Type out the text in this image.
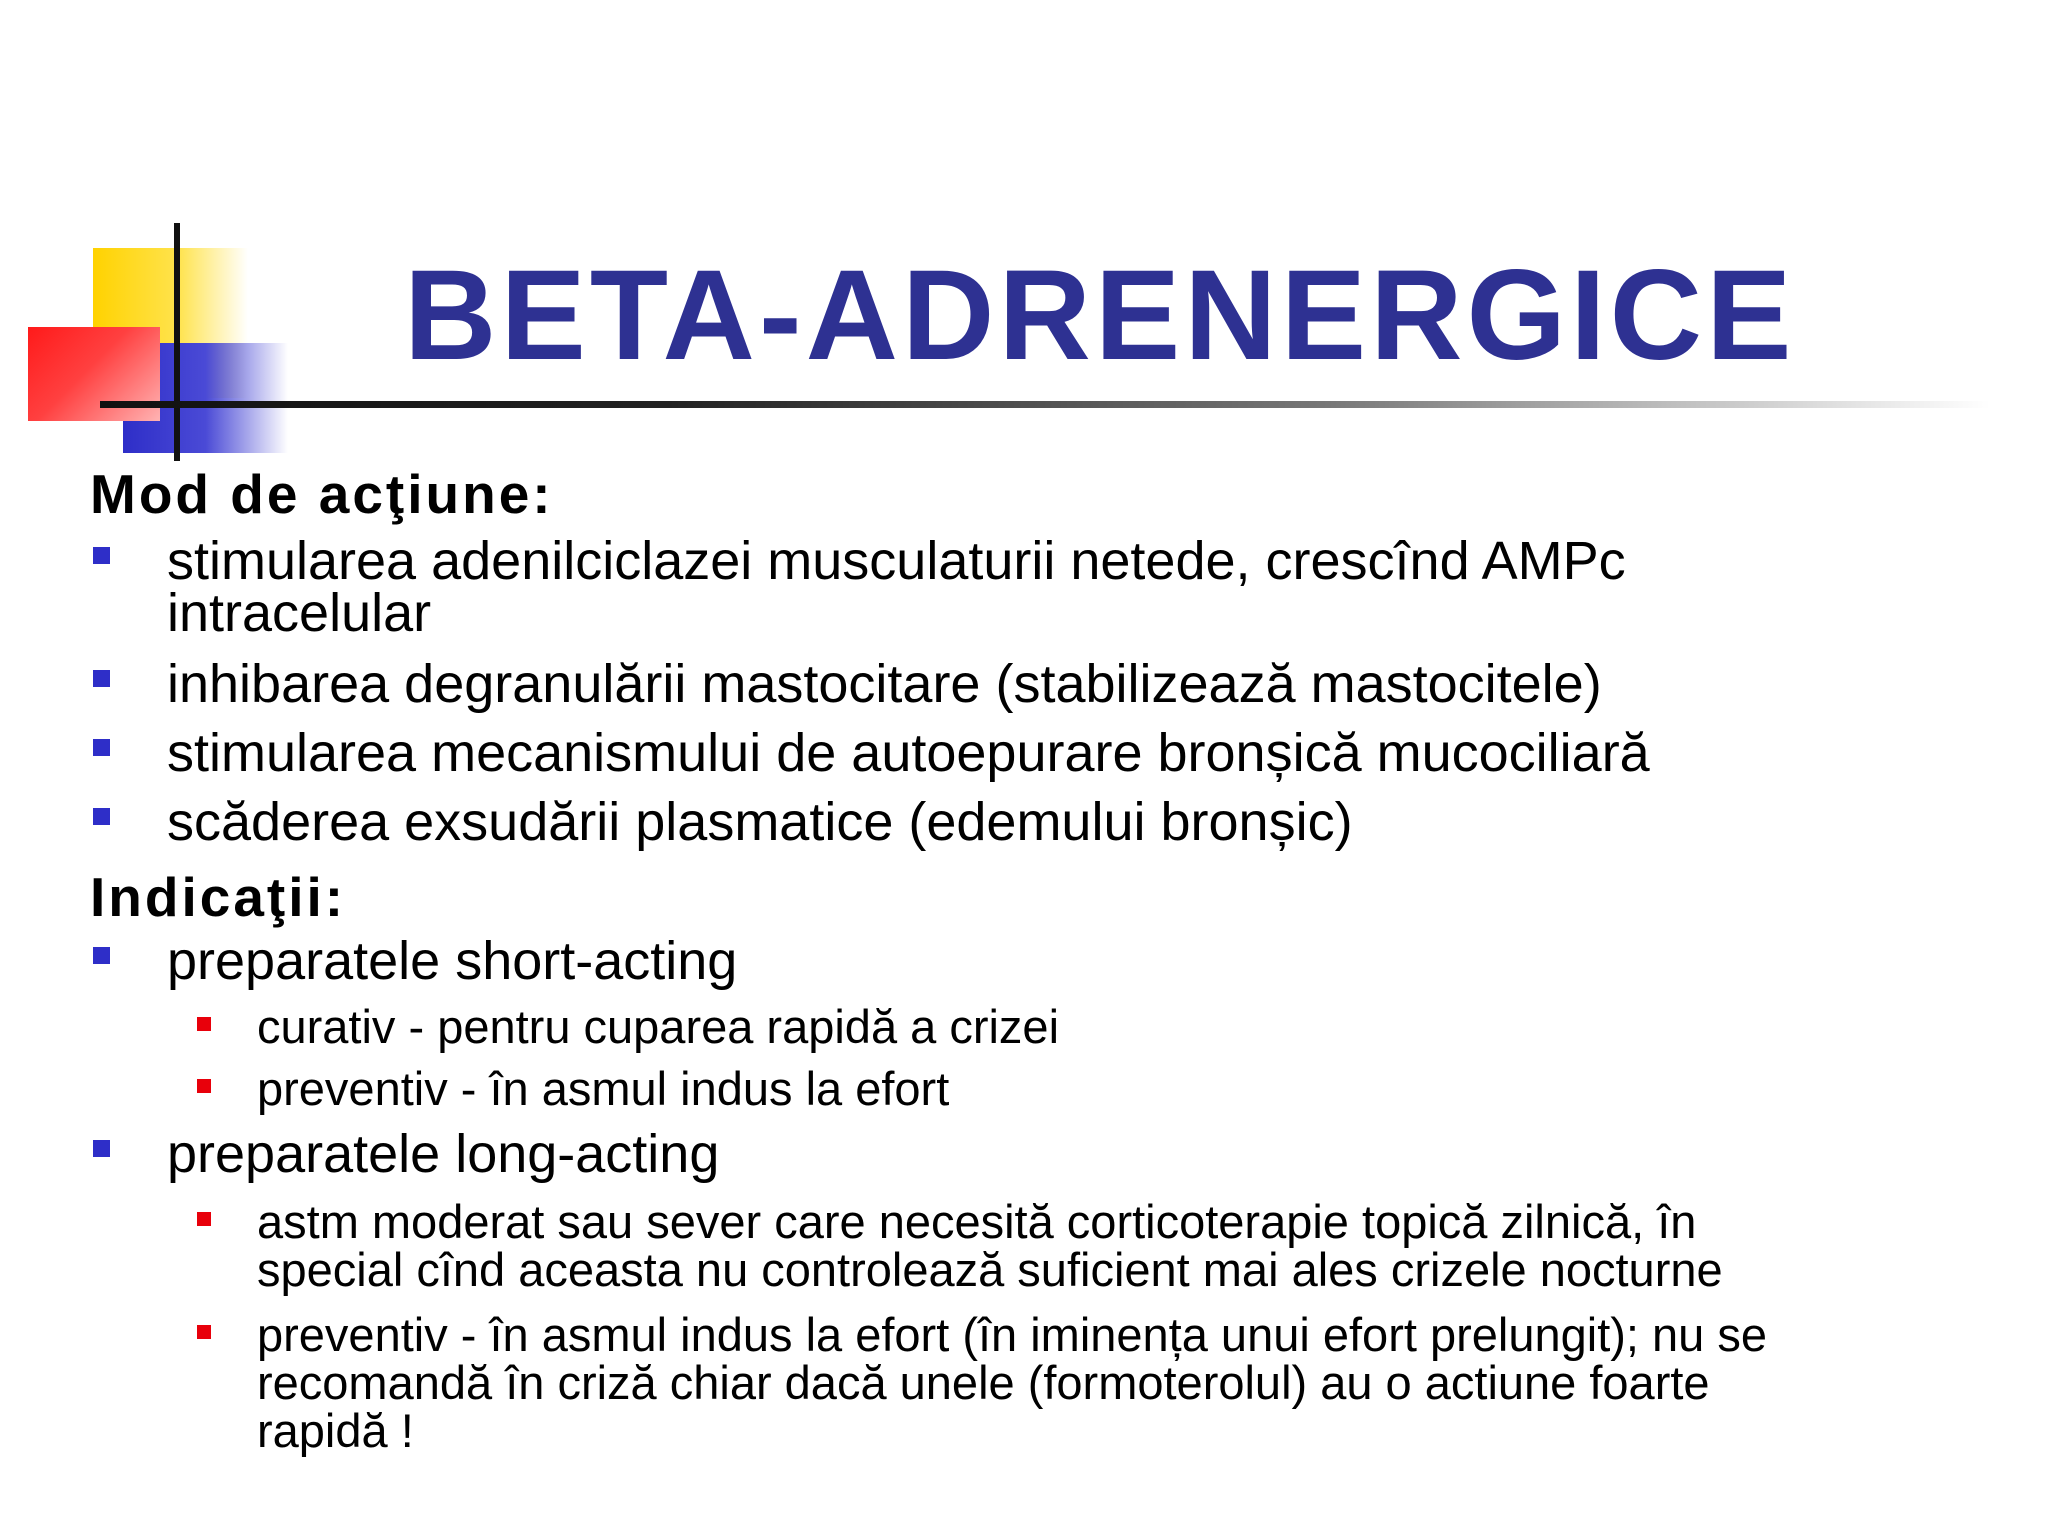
BETA-ADRENERGICE
Mod de acţiune:
stimularea adenilciclazei musculaturii netede, crescînd AMPc
intracelular
inhibarea degranulării mastocitare (stabilizează mastocitele)
stimularea mecanismului de autoepurare bronșică mucociliară
scăderea exsudării plasmatice (edemului bronșic)
Indicaţii:
preparatele short-acting
curativ - pentru cuparea rapidă a crizei
preventiv - în asmul indus la efort
preparatele long-acting
astm moderat sau sever care necesită corticoterapie topică zilnică, în
special cînd aceasta nu controlează suficient mai ales crizele nocturne
preventiv - în asmul indus la efort (în iminența unui efort prelungit); nu se
recomandă în criză chiar dacă unele (formoterolul) au o actiune foarte
rapidă !
